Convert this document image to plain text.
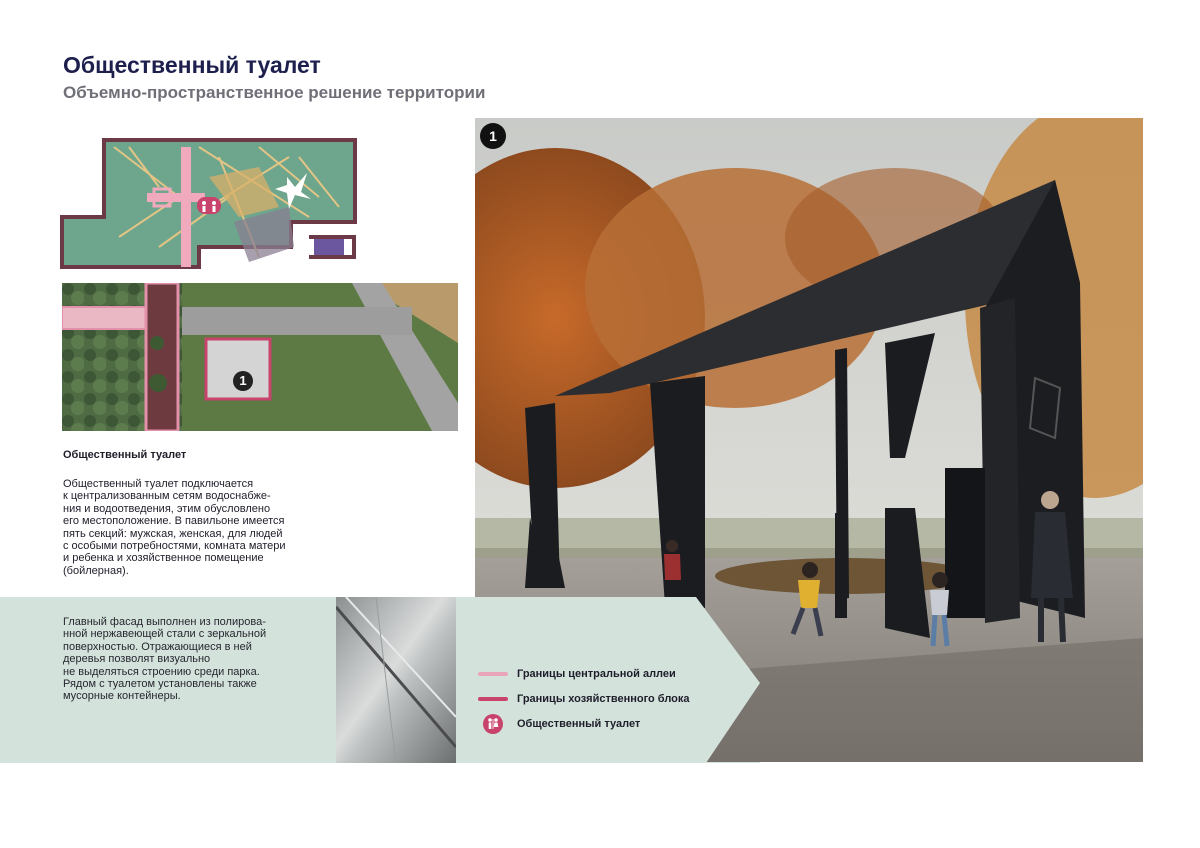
Общественный туалет
Объемно-пространственное решение территории
1

Общественный туалет

Общественный туалет подключается
к централизованным сетям водоснабже-
ния и водоотведения, этим обусловлено
его местоположение. В павильоне имеется
пять секций: мужская, женская, для людей
с особыми потребностями, комната матери
и ребенка и хозяйственное помещение
(бойлерная).

Главный фасад выполнен из полирова-
нной нержавеющей стали с зеркальной
поверхностью. Отражающиеся в ней
деревья позволят визуально
не выделяться строению среди парка.
Рядом с туалетом установлены также
мусорные контейнеры.

1
Границы центральной аллеи
Границы хозяйственного блока
Общественный туалет
